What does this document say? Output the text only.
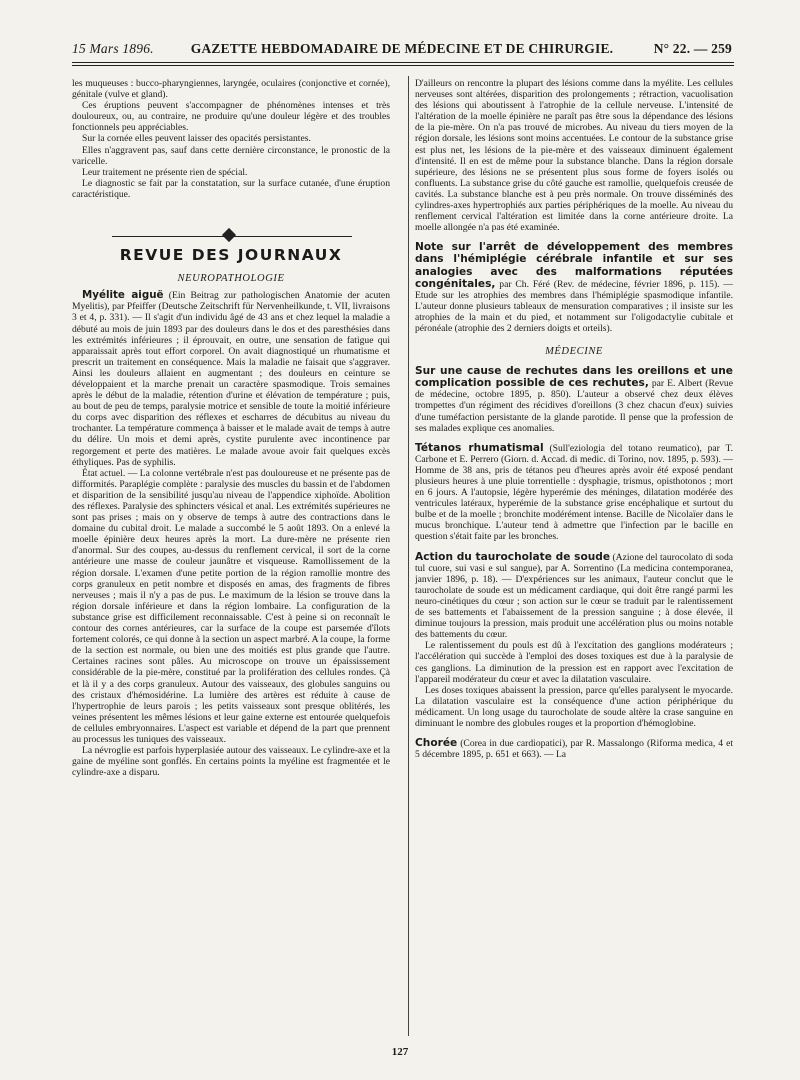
15 Mars 1896.	GAZETTE HEBDOMADAIRE DE MÉDECINE ET DE CHIRURGIE.	N° 22. — 259

les muqueuses : bucco-pharyngiennes, laryngée, oculaires (conjonctive et cornée), génitale (vulve et gland).

Ces éruptions peuvent s'accompagner de phénomènes intenses et très douloureux, ou, au contraire, ne produire qu'une douleur légère et des troubles fonctionnels peu appréciables.

Sur la cornée elles peuvent laisser des opacités persistantes.

Elles n'aggravent pas, sauf dans cette dernière circonstance, le pronostic de la varicelle.

Leur traitement ne présente rien de spécial.

Le diagnostic se fait par la constatation, sur la surface cutanée, d'une éruption caractéristique.

REVUE DES JOURNAUX
NEUROPATHOLOGIE

Myélite aiguë (Ein Beitrag zur pathologischen Anatomie der acuten Myelitis), par Pfeiffer (Deutsche Zeitschrift für Nervenheilkunde, t. VII, livraisons 3 et 4, p. 331). — Il s'agit d'un individu âgé de 43 ans et chez lequel la maladie a débuté au mois de juin 1893 par des douleurs dans le dos et des paresthésies dans les extrémités inférieures ; il éprouvait, en outre, une sensation de fatigue qui apparaissait après tout effort corporel. On avait diagnostiqué un rhumatisme et prescrit un traitement en conséquence. Mais la maladie ne faisait que s'aggraver. Ainsi les douleurs allaient en augmentant ; des douleurs en ceinture se développaient et la marche prenait un caractère spasmodique. Trois semaines après le début de la maladie, rétention d'urine et élévation de température ; puis, au bout de peu de temps, paralysie motrice et sensible de toute la moitié inférieure du corps avec disparition des réflexes et escharres de décubitus au niveau du trochanter. La température commença à baisser et le malade avait de temps à autre du délire. Un mois et demi après, cystite purulente avec incontinence par regorgement et perte des matières. Le malade avoue avoir fait quelques excès éthyliques. Pas de syphilis.

État actuel. — La colonne vertébrale n'est pas douloureuse et ne présente pas de difformités. Paraplégie complète : paralysie des muscles du bassin et de l'abdomen et disparition de la sensibilité jusqu'au niveau de l'appendice xiphoïde. Abolition des réflexes. Paralysie des sphincters vésical et anal. Les extrémités supérieures ne sont pas prises ; mais on y observe de temps à autre des contractions dans le domaine du cubital droit. Le malade a succombé le 5 août 1893. On a enlevé la moelle épinière deux heures après la mort. La dure-mère ne présente rien d'anormal. Sur des coupes, au-dessus du renflement cervical, il sort de la corne antérieure une masse de couleur jaunâtre et visqueuse. Ramollissement de la région dorsale. L'examen d'une petite portion de la région ramollie montre des corps granuleux en petit nombre et disposés en amas, des fragments de fibres nerveuses ; mais il n'y a pas de pus. Le maximum de la lésion se trouve dans la région dorsale inférieure et dans la région lombaire. La configuration de la substance grise est difficilement reconnaissable. C'est à peine si on reconnaît le contour des cornes antérieures, car la surface de la coupe est parsemée d'îlots fortement colorés, ce qui donne à la section un aspect marbré. A la coupe, la forme de la section est normale, ou bien une des moitiés est plus grande que l'autre. Certaines racines sont pâles. Au microscope on trouve un épaississement considérable de la pie-mère, constitué par la prolifération des cellules rondes. Çà et là il y a des corps granuleux. Autour des vaisseaux, des globules sanguins ou des cristaux d'hémosidérine. La lumière des artères est réduite à cause de l'hypertrophie de leurs parois ; les petits vaisseaux sont presque oblitérés, les veines présentent les mêmes lésions et leur gaine externe est entourée quelquefois de cellules embryonnaires. L'aspect est variable et dépend de la part que prennent au processus les tuniques des vaisseaux.

La névroglie est parfois hyperplasiée autour des vaisseaux. Le cylindre-axe et la gaine de myéline sont gonflés. En certains points la myéline est fragmentée et le cylindre-axe a disparu.

D'ailleurs on rencontre la plupart des lésions comme dans la myélite. Les cellules nerveuses sont altérées, disparition des prolongements ; rétraction, vacuolisation des lésions qui aboutissent à l'atrophie de la cellule nerveuse. L'intensité de l'altération de la moelle épinière ne paraît pas être sous la dépendance des lésions de la pie-mère. On n'a pas trouvé de microbes. Au niveau du tiers moyen de la région dorsale, les lésions sont moins accentuées. Le contour de la substance grise est plus net, les lésions de la pie-mère et des vaisseaux diminuent également d'intensité. Il en est de même pour la substance blanche. Dans la région dorsale supérieure, des lésions ne se présentent plus sous forme de foyers isolés ou confluents. La substance grise du côté gauche est ramollie, quelquefois creusée de cavités. La substance blanche est à peu près normale. On trouve disséminés des cylindres-axes hypertrophiés aux parties périphériques de la moelle. Au niveau du renflement cervical l'altération est limitée dans la corne antérieure droite. La moelle allongée n'a pas été examinée.

Note sur l'arrêt de développement des membres dans l'hémiplégie cérébrale infantile et sur ses analogies avec des malformations réputées congénitales, par Ch. Féré (Rev. de médecine, février 1896, p. 115). — Etude sur les atrophies des membres dans l'hémiplégie spasmodique infantile. L'auteur donne plusieurs tableaux de mensuration comparatives ; il insiste sur les atrophies de la main et du pied, et notamment sur l'oligodactylie cubitale et péronéale (atrophie des 2 derniers doigts et orteils).

MÉDECINE

Sur une cause de rechutes dans les oreillons et une complication possible de ces rechutes, par E. Albert (Revue de médecine, octobre 1895, p. 850). L'auteur a observé chez deux élèves trompettes d'un régiment des récidives d'oreillons (3 chez chacun d'eux) suivies d'une tuméfaction persistante de la glande parotide. Il pense que la profession de ses malades explique ces anomalies.

Tétanos rhumatismal (Sull'eziologia del totano reumatico), par T. Carbone et E. Perrero (Giorn. d. Accad. di medic. di Torino, nov. 1895, p. 593). — Homme de 38 ans, pris de tétanos peu d'heures après avoir été exposé pendant plusieurs heures à une pluie torrentielle : dysphagie, trismus, opisthotonos ; mort en 6 jours. A l'autopsie, légère hyperémie des méninges, dilatation modérée des ventricules latéraux, hyperémie de la substance grise encéphalique et surtout du bulbe et de la moelle ; bronchite modérément intense. Bacille de Nicolaïer dans le mucus bronchique. L'auteur tend à admettre que l'infection par le bacille en question s'était faite par les bronches.

Action du taurocholate de soude (Azione del taurocolato di soda tul cuore, sui vasi e sul sangue), par A. Sorrentino (La medicina contemporanea, janvier 1896, p. 18). — D'expériences sur les animaux, l'auteur conclut que le taurocholate de soude est un médicament cardiaque, qui doit être rangé parmi les neuro-cinétiques du cœur ; son action sur le cœur se traduit par le ralentissement de ses battements et l'abaissement de la pression sanguine ; à dose élevée, il diminue toujours la pression, mais produit une accélération plus ou moins notable des battements du cœur.

Le ralentissement du pouls est dû à l'excitation des ganglions modérateurs ; l'accélération qui succède à l'emploi des doses toxiques est due à la paralysie de ces ganglions. La diminution de la pression est en rapport avec l'excitation de l'appareil modérateur du cœur et avec la dilatation vasculaire.

Les doses toxiques abaissent la pression, parce qu'elles paralysent le myocarde. La dilatation vasculaire est la conséquence d'une action périphérique du médicament. Un long usage du taurocholate de soude altère la crase sanguine en diminuant le nombre des globules rouges et la proportion d'hémoglobine.

Chorée (Corea in due cardiopatici), par R. Massalongo (Riforma medica, 4 et 5 décembre 1895, p. 651 et 663). — La

127
